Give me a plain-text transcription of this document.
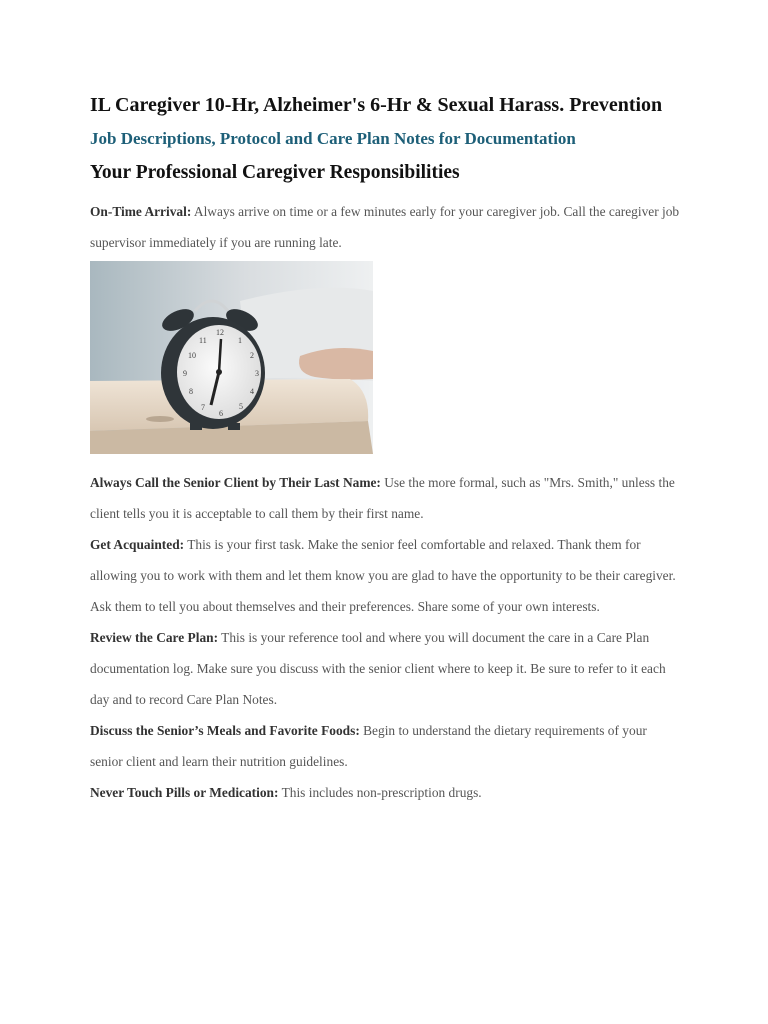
IL Caregiver 10-Hr, Alzheimer's 6-Hr & Sexual Harass. Prevention
Job Descriptions, Protocol and Care Plan Notes for Documentation
Your Professional Caregiver Responsibilities

On-Time Arrival: Always arrive on time or a few minutes early for your caregiver job. Call the caregiver job supervisor immediately if you are running late.

12
1
2
3
4
5
6
7
8
9
10
11

Always Call the Senior Client by Their Last Name: Use the more formal, such as "Mrs. Smith," unless the client tells you it is acceptable to call them by their first name.

Get Acquainted: This is your first task. Make the senior feel comfortable and relaxed. Thank them for allowing you to work with them and let them know you are glad to have the opportunity to be their caregiver. Ask them to tell you about themselves and their preferences. Share some of your own interests.

Review the Care Plan: This is your reference tool and where you will document the care in a Care Plan documentation log. Make sure you discuss with the senior client where to keep it. Be sure to refer to it each day and to record Care Plan Notes.

Discuss the Senior’s Meals and Favorite Foods: Begin to understand the dietary requirements of your senior client and learn their nutrition guidelines.

Never Touch Pills or Medication: This includes non-prescription drugs.
